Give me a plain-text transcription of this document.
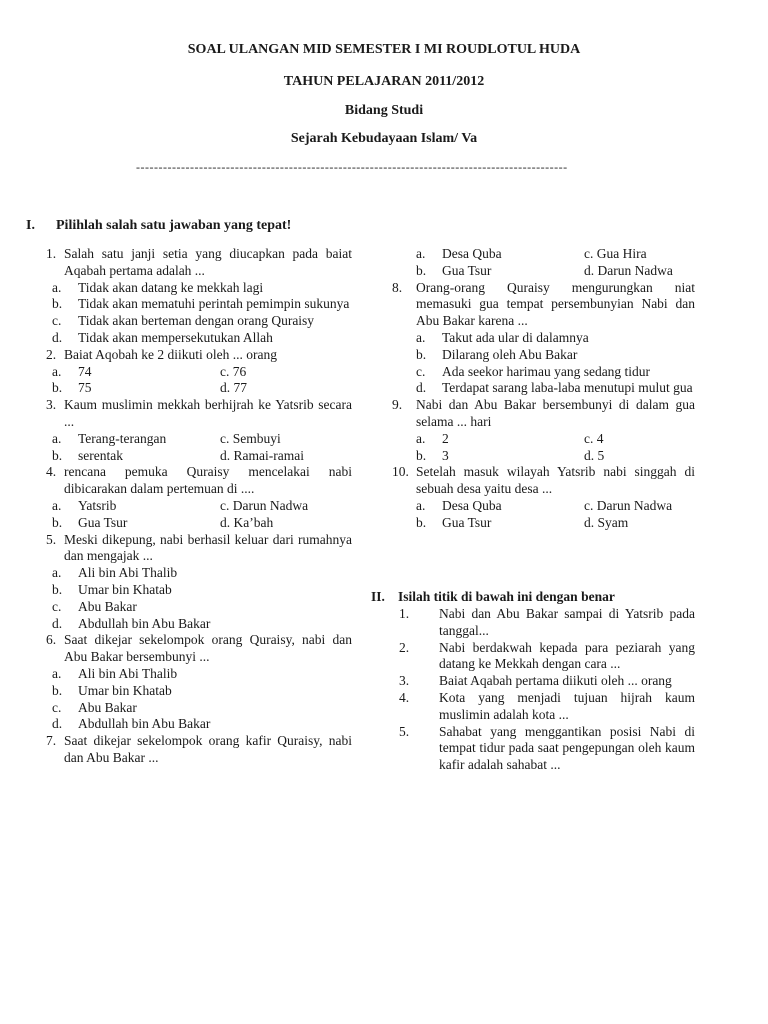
SOAL ULANGAN MID SEMESTER I MI ROUDLOTUL HUDA
TAHUN PELAJARAN 2011/2012
Bidang Studi
Sejarah Kebudayaan Islam/ Va
------------------------------------------------------------------------------------------------
I. Pilihlah salah satu jawaban yang tepat!
1. Salah satu janji setia yang diucapkan pada baiat Aqabah pertama adalah ...
a. Tidak akan datang ke mekkah lagi
b. Tidak akan mematuhi perintah pemimpin sukunya
c. Tidak akan berteman dengan orang Quraisy
d. Tidak akan mempersekutukan Allah
2. Baiat Aqobah ke 2 diikuti oleh ... orang
a. 74	c. 76
b. 75	d. 77
3. Kaum muslimin mekkah berhijrah ke Yatsrib secara ...
a. Terang-terangan	c. Sembuyi
b. serentak	d. Ramai-ramai
4. rencana pemuka Quraisy mencelakai nabi dibicarakan dalam pertemuan di ....
a. Yatsrib	c. Darun Nadwa
b. Gua Tsur	d. Ka’bah
5. Meski dikepung, nabi berhasil keluar dari rumahnya dan mengajak ...
a. Ali bin Abi Thalib
b. Umar bin Khatab
c. Abu Bakar
d. Abdullah bin Abu Bakar
6. Saat dikejar sekelompok orang Quraisy, nabi dan Abu Bakar bersembunyi ...
a. Ali bin Abi Thalib
b. Umar bin Khatab
c. Abu Bakar
d. Abdullah bin Abu Bakar
7. Saat dikejar sekelompok orang kafir Quraisy, nabi dan Abu Bakar ...
a. Desa Quba	c. Gua Hira
b. Gua Tsur	d. Darun Nadwa
8. Orang-orang Quraisy mengurungkan niat memasuki gua tempat persembunyian Nabi dan Abu Bakar karena ...
a. Takut ada ular di dalamnya
b. Dilarang oleh Abu Bakar
c. Ada seekor harimau yang sedang tidur
d. Terdapat sarang laba-laba menutupi mulut gua
9. Nabi dan Abu Bakar bersembunyi di dalam gua selama ... hari
a. 2	c. 4
b. 3	d. 5
10. Setelah masuk wilayah Yatsrib nabi singgah di sebuah desa yaitu desa ...
a. Desa Quba	c. Darun Nadwa
b. Gua Tsur	d. Syam
II. Isilah titik di bawah ini dengan benar
1. Nabi dan Abu Bakar sampai di Yatsrib pada tanggal...
2. Nabi berdakwah kepada para peziarah yang datang ke Mekkah dengan cara ...
3. Baiat Aqabah pertama diikuti oleh ... orang
4. Kota yang menjadi tujuan hijrah kaum muslimin adalah kota ...
5. Sahabat yang menggantikan posisi Nabi di tempat tidur pada saat pengepungan oleh kaum kafir adalah sahabat ...
